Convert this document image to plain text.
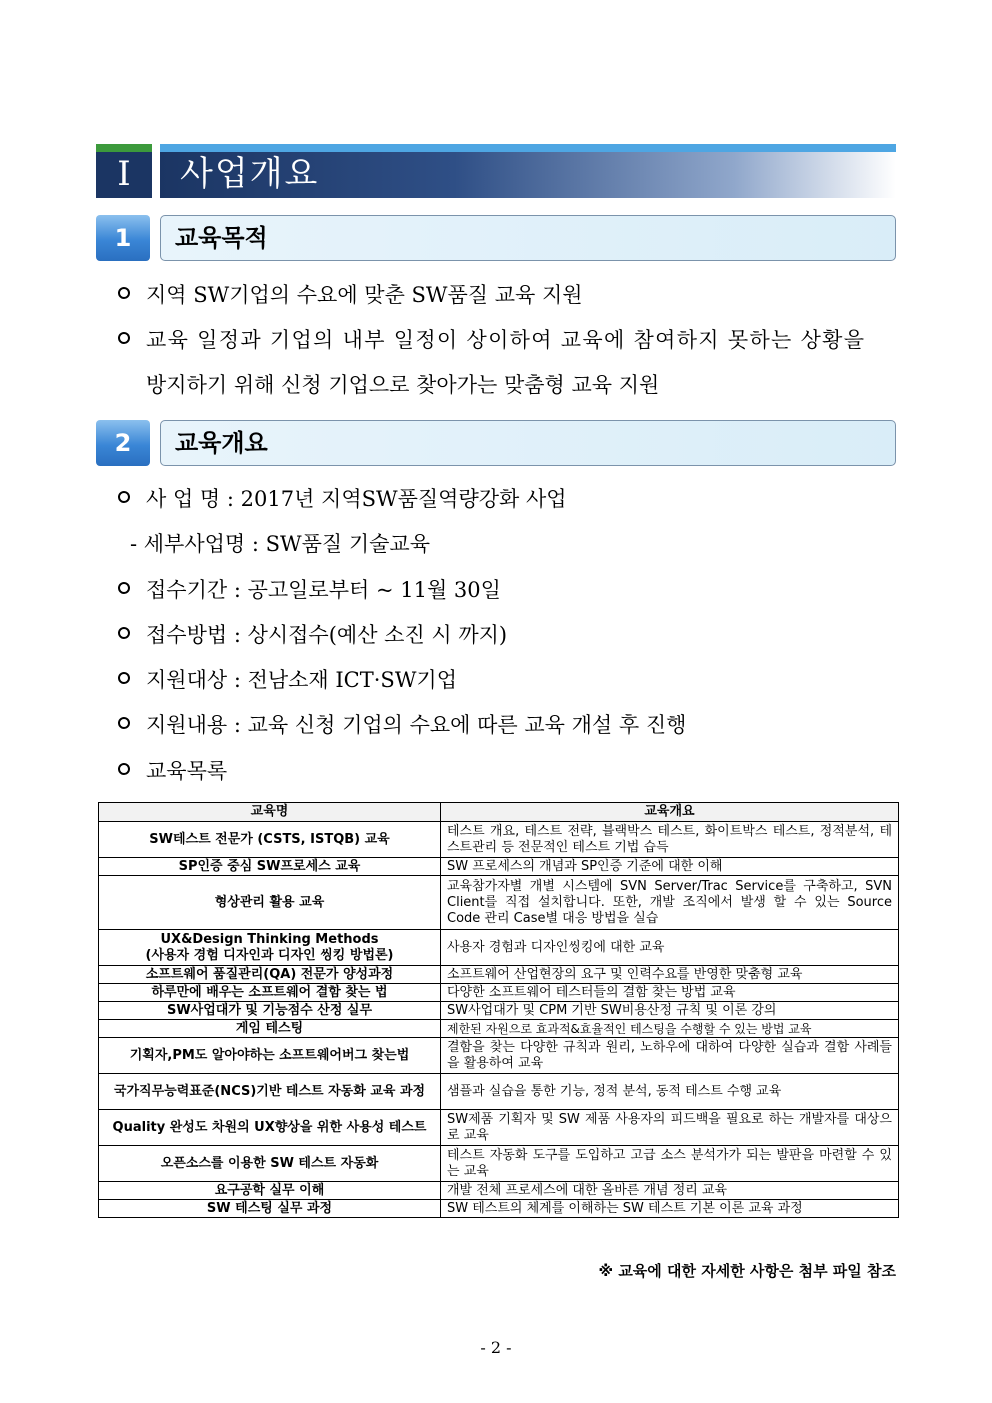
I	사업개요
1	교육목적
지역 SW기업의 수요에 맞춘 SW품질 교육 지원
교육 일정과 기업의 내부 일정이 상이하여 교육에 참여하지 못하는 상황을
방지하기 위해 신청 기업으로 찾아가는 맞춤형 교육 지원
2	교육개요
사 업 명 : 2017년 지역SW품질역량강화 사업
- 세부사업명 : SW품질 기술교육
접수기간 : 공고일로부터 ~ 11월 30일
접수방법 : 상시접수(예산 소진 시 까지)
지원대상 : 전남소재 ICT·SW기업
지원내용 : 교육 신청 기업의 수요에 따른 교육 개설 후 진행
교육목록
교육명	교육개요
SW테스트 전문가 (CSTS, ISTQB) 교육	테스트 개요, 테스트 전략, 블랙박스 테스트, 화이트박스 테스트, 정적분석, 테스트관리 등 전문적인 테스트 기법 습득
SP인증 중심 SW프로세스 교육	SW 프로세스의 개념과 SP인증 기준에 대한 이해
형상관리 활용 교육	교육참가자별 개별 시스템에 SVN Server/Trac Service를 구축하고, SVN Client를 직접 설치합니다. 또한, 개발 조직에서 발생 할 수 있는 Source Code 관리 Case별 대응 방법을 실습
UX&Design Thinking Methods
(사용자 경험 디자인과 디자인 씽킹 방법론)	사용자 경험과 디자인씽킹에 대한 교육
소프트웨어 품질관리(QA) 전문가 양성과정	소프트웨어 산업현장의 요구 및 인력수요를 반영한 맞춤형 교육
하루만에 배우는 소프트웨어 결함 찾는 법	다양한 소프트웨어 테스터들의 결함 찾는 방법 교육
SW사업대가 및 기능점수 산정 실무	SW사업대가 및 CPM 기반 SW비용산정 규칙 및 이론 강의
게임 테스팅	제한된 자원으로 효과적&효율적인 테스팅을 수행할 수 있는 방법 교육
기획자,PM도 알아야하는 소프트웨어버그 찾는법	결함을 찾는 다양한 규칙과 원리, 노하우에 대하여 다양한 실습과 결함 사례들을 활용하여 교육
국가직무능력표준(NCS)기반 테스트 자동화 교육 과정	샘플과 실습을 통한 기능, 정적 분석, 동적 테스트 수행 교육
Quality 완성도 차원의 UX향상을 위한 사용성 테스트	SW제품 기획자 및 SW 제품 사용자의 피드백을 필요로 하는 개발자를 대상으로 교육
오픈소스를 이용한 SW 테스트 자동화	테스트 자동화 도구를 도입하고 고급 소스 분석가가 되는 발판을 마련할 수 있는 교육
요구공학 실무 이해	개발 전체 프로세스에 대한 올바른 개념 정리 교육
SW 테스팅 실무 과정	SW 테스트의 체계를 이해하는 SW 테스트 기본 이론 교육 과정
※ 교육에 대한 자세한 사항은 첨부 파일 참조
- 2 -
